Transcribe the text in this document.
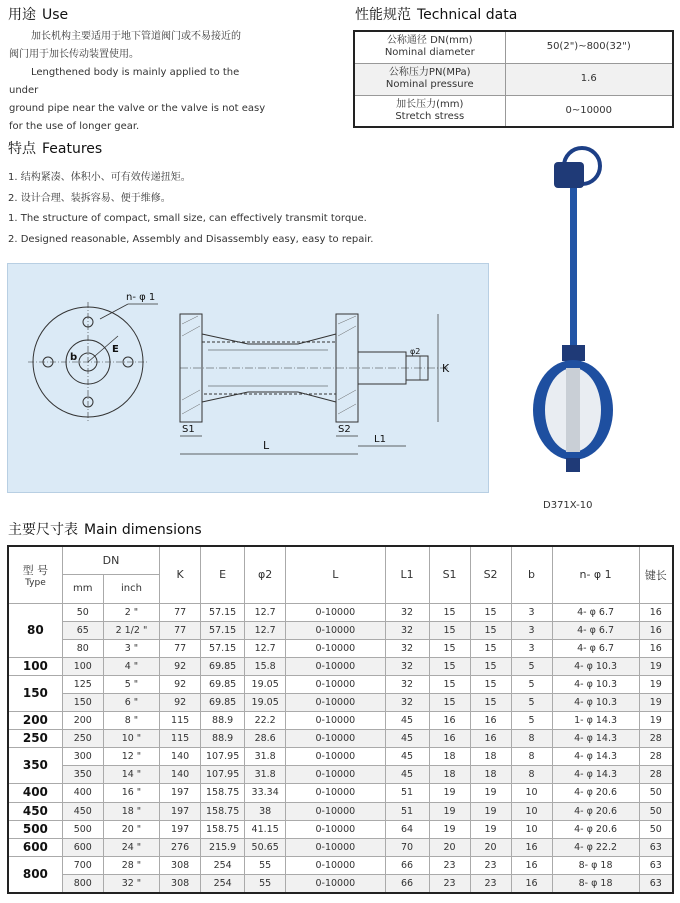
用途 Use

加长机构主要适用于地下管道阀门或不易接近的

阀门用于加长传动装置使用。

Lengthened body is mainly applied to the under

ground pipe near the valve or the valve is not easy

for the use of longer gear.

性能规范 Technical data
公称通径 DN(mm)
Nominal diameter	50(2")~800(32")

公称压力PN(MPa)
Nominal pressure	1.6

加长压力(mm)
Stretch stress	0~10000
特点 Features
1. 结构紧凑、体积小、可有效传递扭矩。
2. 设计合理、装拆容易、便于维修。
1. The structure of compact, small size, can effectively transmit torque.
2. Designed reasonable, Assembly and Disassembly easy, easy to repair.
n- φ 1
b
E
S1	S2
L	L1
K
φ2
D371X-10
主要尺寸表 Main dimensions
型 号
Type	DN		K	E	φ2	L	L1	S1	S2	b	n- φ 1	键长
	mm	inch										
80	50	2 "	77	57.15	12.7	0-10000	32	15	15	3	4- φ 6.7	16
	65	2 1/2 "	77	57.15	12.7	0-10000	32	15	15	3	4- φ 6.7	16
	80	3 "	77	57.15	12.7	0-10000	32	15	15	3	4- φ 6.7	16
100	100	4 "	92	69.85	15.8	0-10000	32	15	15	5	4- φ 10.3	19
150	125	5 "	92	69.85	19.05	0-10000	32	15	15	5	4- φ 10.3	19
	150	6 "	92	69.85	19.05	0-10000	32	15	15	5	4- φ 10.3	19
200	200	8 "	115	88.9	22.2	0-10000	45	16	16	5	1- φ 14.3	19
250	250	10 "	115	88.9	28.6	0-10000	45	16	16	8	4- φ 14.3	28
350	300	12 "	140	107.95	31.8	0-10000	45	18	18	8	4- φ 14.3	28
	350	14 "	140	107.95	31.8	0-10000	45	18	18	8	4- φ 14.3	28
400	400	16 "	197	158.75	33.34	0-10000	51	19	19	10	4- φ 20.6	50
450	450	18 "	197	158.75	38	0-10000	51	19	19	10	4- φ 20.6	50
500	500	20 "	197	158.75	41.15	0-10000	64	19	19	10	4- φ 20.6	50
600	600	24 "	276	215.9	50.65	0-10000	70	20	20	16	4- φ 22.2	63
800	700	28 "	308	254	55	0-10000	66	23	23	16	8- φ 18	63
	800	32 "	308	254	55	0-10000	66	23	23	16	8- φ 18	63
